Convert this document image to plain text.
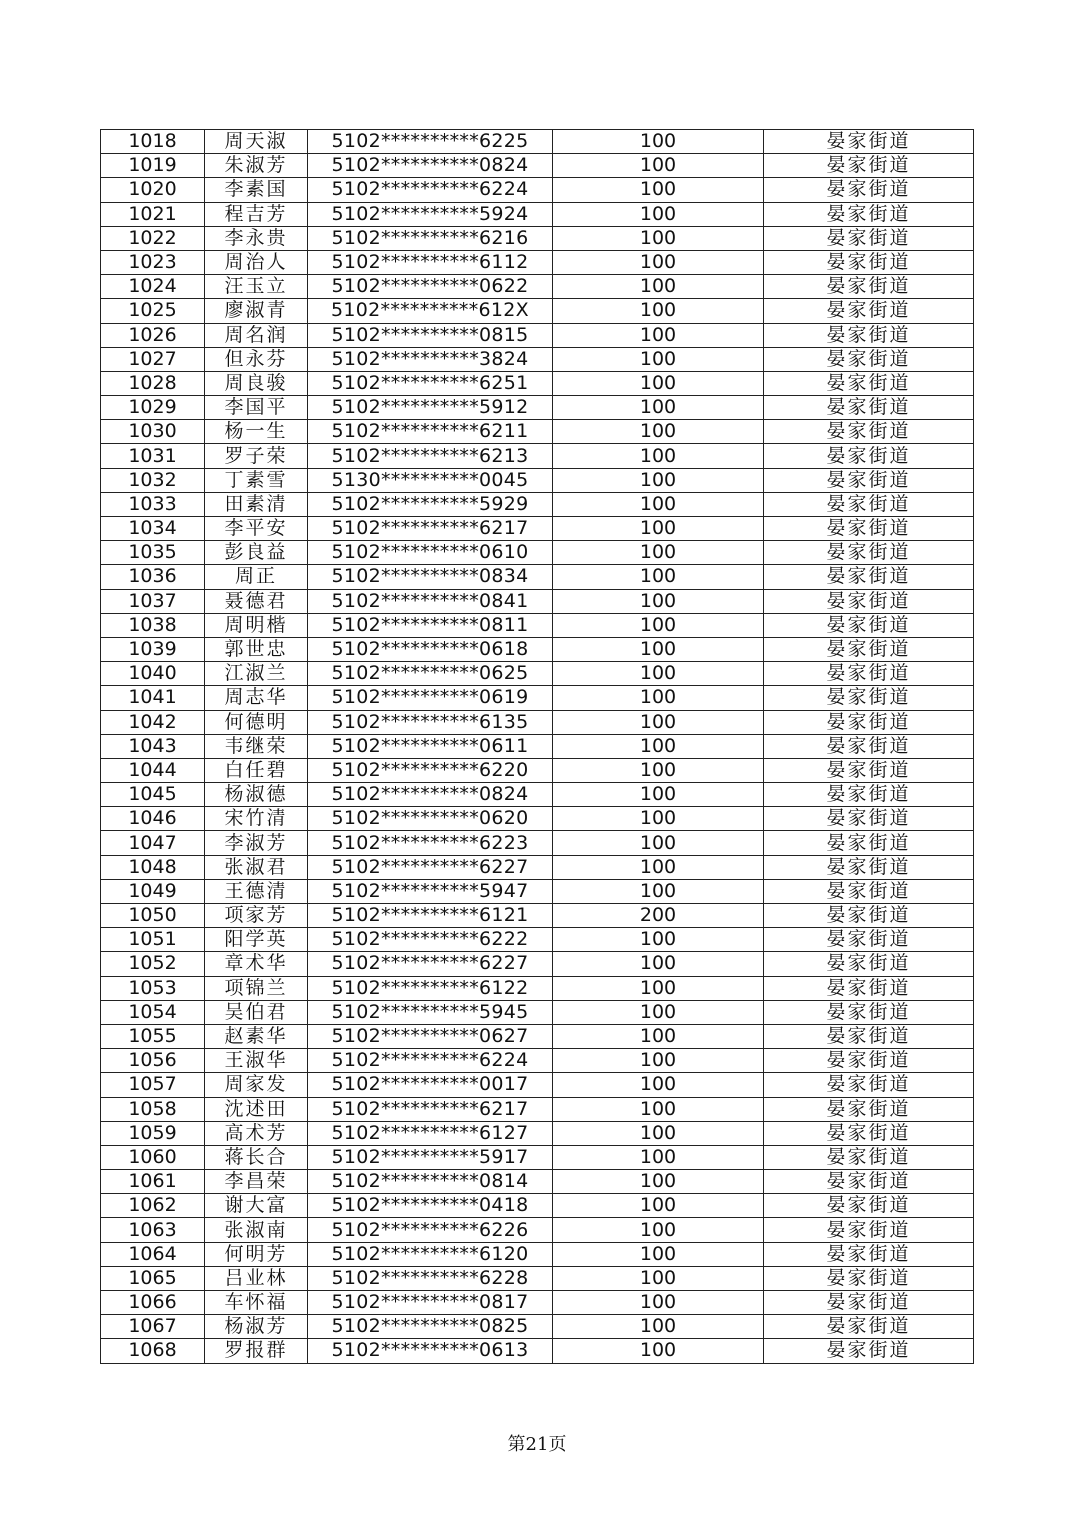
1018	周天淑	5102**********6225	100	晏家街道
1019	朱淑芳	5102**********0824	100	晏家街道
1020	李素国	5102**********6224	100	晏家街道
1021	程吉芳	5102**********5924	100	晏家街道
1022	李永贵	5102**********6216	100	晏家街道
1023	周治人	5102**********6112	100	晏家街道
1024	汪玉立	5102**********0622	100	晏家街道
1025	廖淑青	5102**********612X	100	晏家街道
1026	周名润	5102**********0815	100	晏家街道
1027	但永芬	5102**********3824	100	晏家街道
1028	周良骏	5102**********6251	100	晏家街道
1029	李国平	5102**********5912	100	晏家街道
1030	杨一生	5102**********6211	100	晏家街道
1031	罗子荣	5102**********6213	100	晏家街道
1032	丁素雪	5130**********0045	100	晏家街道
1033	田素清	5102**********5929	100	晏家街道
1034	李平安	5102**********6217	100	晏家街道
1035	彭良益	5102**********0610	100	晏家街道
1036	周正	5102**********0834	100	晏家街道
1037	聂德君	5102**********0841	100	晏家街道
1038	周明楷	5102**********0811	100	晏家街道
1039	郭世忠	5102**********0618	100	晏家街道
1040	江淑兰	5102**********0625	100	晏家街道
1041	周志华	5102**********0619	100	晏家街道
1042	何德明	5102**********6135	100	晏家街道
1043	韦继荣	5102**********0611	100	晏家街道
1044	白任碧	5102**********6220	100	晏家街道
1045	杨淑德	5102**********0824	100	晏家街道
1046	宋竹清	5102**********0620	100	晏家街道
1047	李淑芳	5102**********6223	100	晏家街道
1048	张淑君	5102**********6227	100	晏家街道
1049	王德清	5102**********5947	100	晏家街道
1050	项家芳	5102**********6121	200	晏家街道
1051	阳学英	5102**********6222	100	晏家街道
1052	章术华	5102**********6227	100	晏家街道
1053	项锦兰	5102**********6122	100	晏家街道
1054	吴伯君	5102**********5945	100	晏家街道
1055	赵素华	5102**********0627	100	晏家街道
1056	王淑华	5102**********6224	100	晏家街道
1057	周家发	5102**********0017	100	晏家街道
1058	沈述田	5102**********6217	100	晏家街道
1059	高术芳	5102**********6127	100	晏家街道
1060	蒋长合	5102**********5917	100	晏家街道
1061	李昌荣	5102**********0814	100	晏家街道
1062	谢大富	5102**********0418	100	晏家街道
1063	张淑南	5102**********6226	100	晏家街道
1064	何明芳	5102**********6120	100	晏家街道
1065	吕业林	5102**********6228	100	晏家街道
1066	车怀福	5102**********0817	100	晏家街道
1067	杨淑芳	5102**********0825	100	晏家街道
1068	罗报群	5102**********0613	100	晏家街道
第21页
